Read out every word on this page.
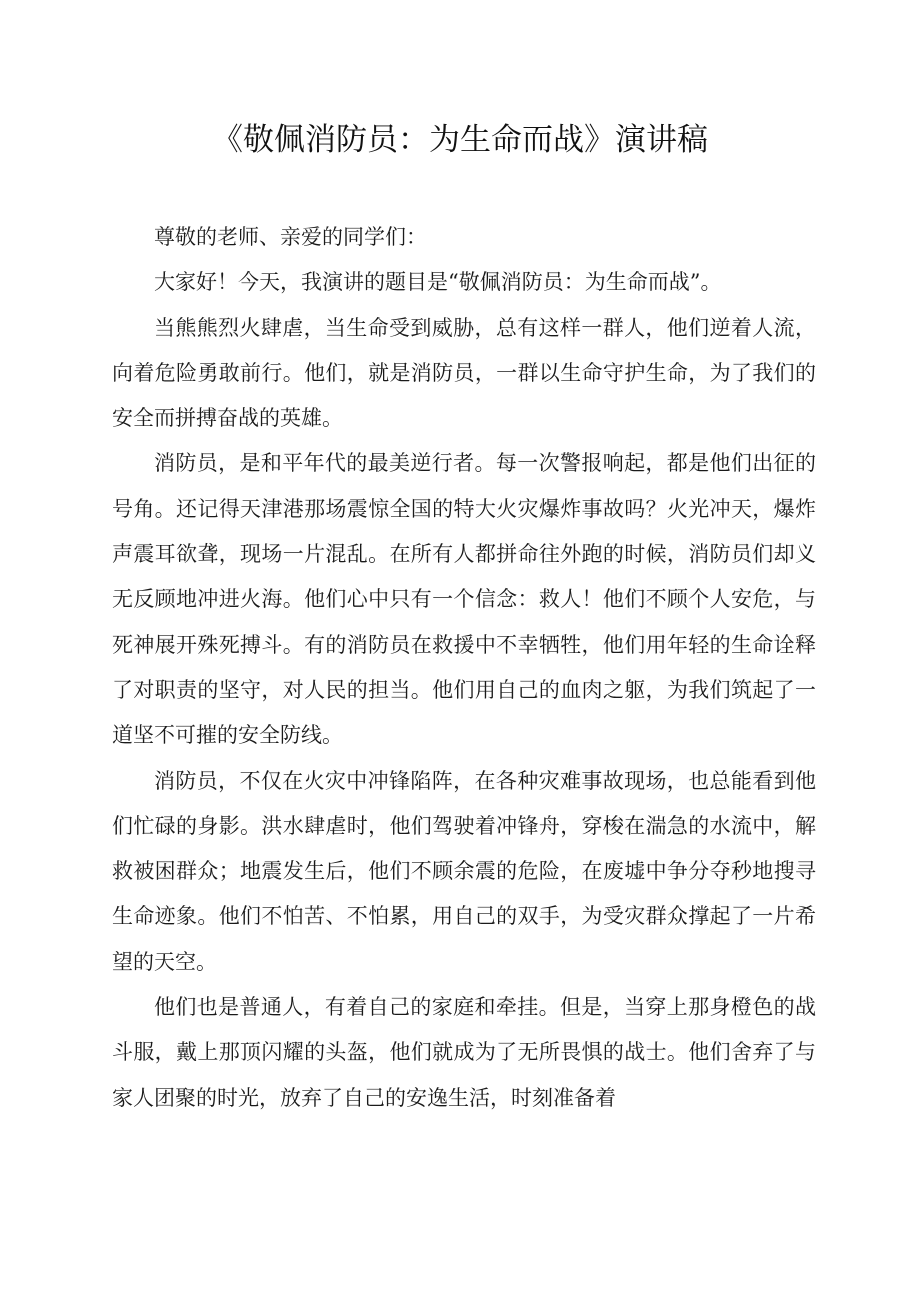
《敬佩消防员：为生命而战》演讲稿

尊敬的老师、亲爱的同学们：

大家好！今天，我演讲的题目是“敬佩消防员：为生命而战”。

当熊熊烈火肆虐，当生命受到威胁，总有这样一群人，他们逆着人流，向着危险勇敢前行。他们，就是消防员，一群以生命守护生命，为了我们的安全而拼搏奋战的英雄。

消防员，是和平年代的最美逆行者。每一次警报响起，都是他们出征的号角。还记得天津港那场震惊全国的特大火灾爆炸事故吗？火光冲天，爆炸声震耳欲聋，现场一片混乱。在所有人都拼命往外跑的时候，消防员们却义无反顾地冲进火海。他们心中只有一个信念：救人！他们不顾个人安危，与死神展开殊死搏斗。有的消防员在救援中不幸牺牲，他们用年轻的生命诠释了对职责的坚守，对人民的担当。他们用自己的血肉之躯，为我们筑起了一道坚不可摧的安全防线。

消防员，不仅在火灾中冲锋陷阵，在各种灾难事故现场，也总能看到他们忙碌的身影。洪水肆虐时，他们驾驶着冲锋舟，穿梭在湍急的水流中，解救被困群众；地震发生后，他们不顾余震的危险，在废墟中争分夺秒地搜寻生命迹象。他们不怕苦、不怕累，用自己的双手，为受灾群众撑起了一片希望的天空。

他们也是普通人，有着自己的家庭和牵挂。但是，当穿上那身橙色的战斗服，戴上那顶闪耀的头盔，他们就成为了无所畏惧的战士。他们舍弃了与家人团聚的时光，放弃了自己的安逸生活，时刻准备着
